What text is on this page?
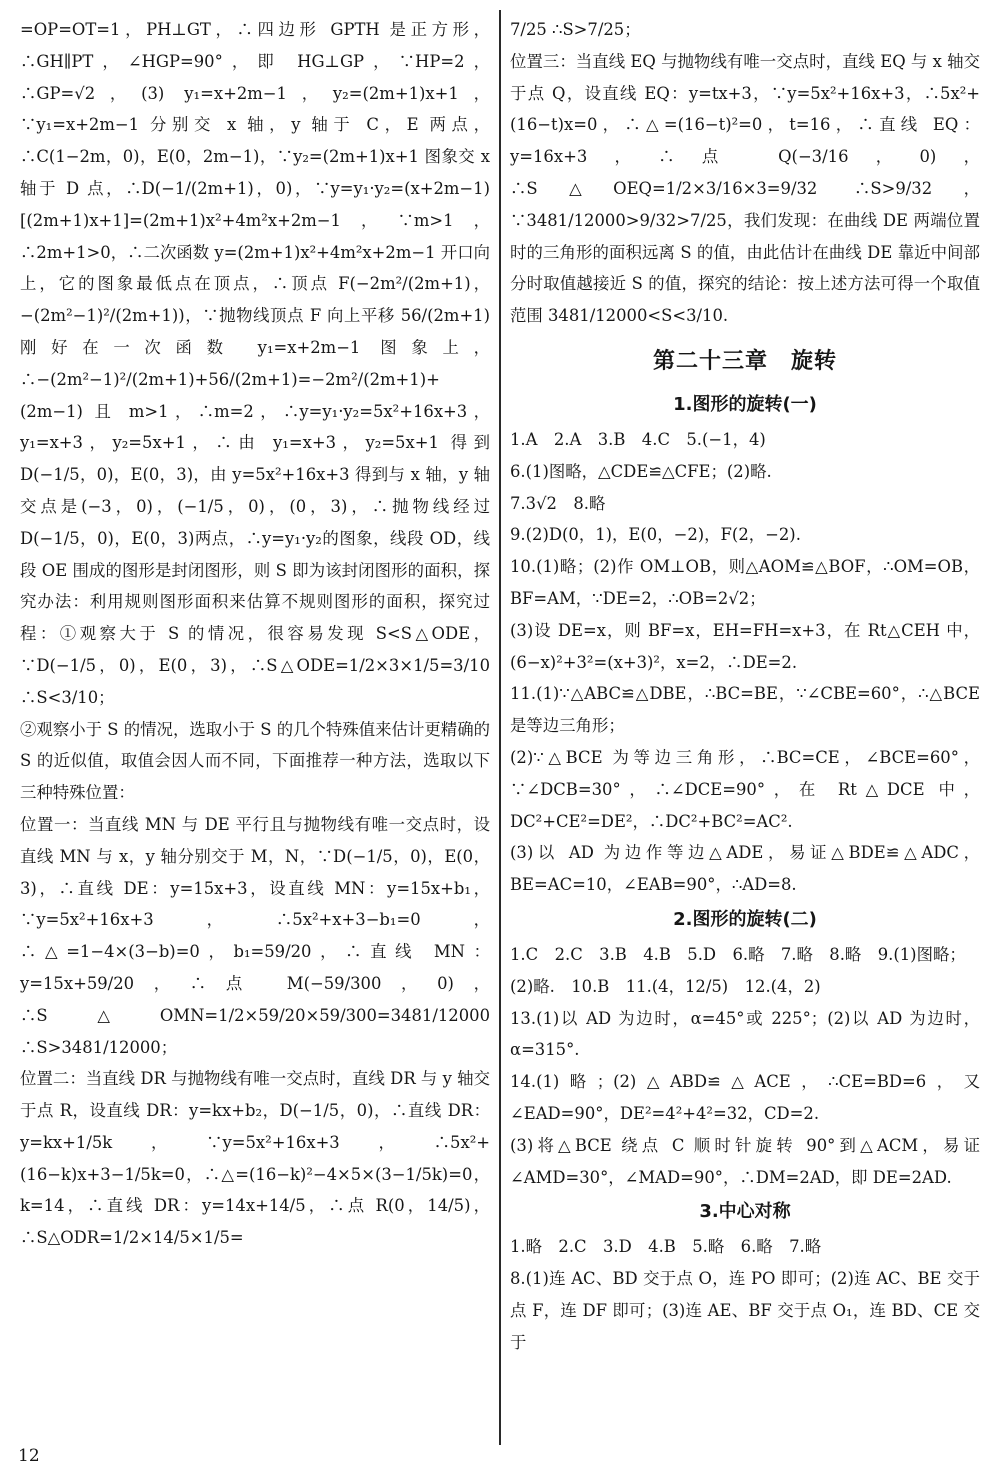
=OP=OT=1，PH⊥GT，∴四边形 GPTH 是正方形，∴GH∥PT，∠HGP=90°，即 HG⊥GP，∵HP=2，∴GP=√2，(3) y₁=x+2m−1，y₂=(2m+1)x+1，∵y₁=x+2m−1 分别交 x 轴，y 轴于 C，E 两点，∴C(1−2m，0)，E(0，2m−1)，∵y₂=(2m+1)x+1 图象交 x 轴于 D 点，∴D(−1/(2m+1)，0)，∵y=y₁·y₂=(x+2m−1)[(2m+1)x+1]=(2m+1)x²+4m²x+2m−1，∵m>1，∴2m+1>0，∴二次函数 y=(2m+1)x²+4m²x+2m−1 开口向上，它的图象最低点在顶点，∴顶点 F(−2m²/(2m+1)，−(2m²−1)²/(2m+1))，∵抛物线顶点 F 向上平移 56/(2m+1) 刚好在一次函数 y₁=x+2m−1 图象上，∴−(2m²−1)²/(2m+1)+56/(2m+1)=−2m²/(2m+1)+(2m−1) 且 m>1，∴m=2，∴y=y₁·y₂=5x²+16x+3，y₁=x+3，y₂=5x+1，∴由 y₁=x+3，y₂=5x+1 得到 D(−1/5，0)，E(0，3)，由 y=5x²+16x+3 得到与 x 轴，y 轴交点是(−3，0)，(−1/5，0)，(0，3)，∴抛物线经过 D(−1/5，0)，E(0，3)两点，∴y=y₁·y₂的图象，线段 OD，线段 OE 围成的图形是封闭图形，则 S 即为该封闭图形的面积，探究办法：利用规则图形面积来估算不规则图形的面积，探究过程：①观察大于 S 的情况，很容易发现 S<S△ODE，∵D(−1/5，0)，E(0，3)，∴S△ODE=1/2×3×1/5=3/10 ∴S<3/10；

②观察小于 S 的情况，选取小于 S 的几个特殊值来估计更精确的 S 的近似值，取值会因人而不同，下面推荐一种方法，选取以下三种特殊位置：

位置一：当直线 MN 与 DE 平行且与抛物线有唯一交点时，设直线 MN 与 x，y 轴分别交于 M，N，∵D(−1/5，0)，E(0，3)，∴直线 DE：y=15x+3，设直线 MN：y=15x+b₁，∵y=5x²+16x+3，∴5x²+x+3−b₁=0，∴△=1−4×(3−b)=0，b₁=59/20，∴直线 MN：y=15x+59/20，∴点 M(−59/300，0)，∴S△OMN=1/2×59/20×59/300=3481/12000 ∴S>3481/12000；

位置二：当直线 DR 与抛物线有唯一交点时，直线 DR 与 y 轴交于点 R，设直线 DR：y=kx+b₂，D(−1/5，0)，∴直线 DR：y=kx+1/5k，∵y=5x²+16x+3，∴5x²+(16−k)x+3−1/5k=0，∴△=(16−k)²−4×5×(3−1/5k)=0，k=14，∴直线 DR：y=14x+14/5，∴点 R(0，14/5)，∴S△ODR=1/2×14/5×1/5=

7/25 ∴S>7/25；

位置三：当直线 EQ 与抛物线有唯一交点时，直线 EQ 与 x 轴交于点 Q，设直线 EQ：y=tx+3，∵y=5x²+16x+3，∴5x²+(16−t)x=0，∴△=(16−t)²=0，t=16，∴直线 EQ：y=16x+3，∴点 Q(−3/16，0)，∴S△OEQ=1/2×3/16×3=9/32 ∴S>9/32，∵3481/12000>9/32>7/25，我们发现：在曲线 DE 两端位置时的三角形的面积远离 S 的值，由此估计在曲线 DE 靠近中间部分时取值越接近 S 的值，探究的结论：按上述方法可得一个取值范围 3481/12000<S<3/10.

第二十三章　旋转
1.图形的旋转(一)

1.A　2.A　3.B　4.C　5.(−1，4)

6.(1)图略，△CDE≌△CFE；(2)略.

7.3√2　8.略

9.(2)D(0，1)，E(0，−2)，F(2，−2).

10.(1)略；(2)作 OM⊥OB，则△AOM≌△BOF，∴OM=OB，BF=AM，∵DE=2，∴OB=2√2；

(3)设 DE=x，则 BF=x，EH=FH=x+3，在 Rt△CEH 中，(6−x)²+3²=(x+3)²，x=2，∴DE=2.

11.(1)∵△ABC≌△DBE，∴BC=BE，∵∠CBE=60°，∴△BCE 是等边三角形；

(2)∵△BCE 为等边三角形，∴BC=CE，∠BCE=60°，∵∠DCB=30°，∴∠DCE=90°，在 Rt△DCE 中，DC²+CE²=DE²，∴DC²+BC²=AC².

(3)以 AD 为边作等边△ADE，易证△BDE≌△ADC，BE=AC=10，∠EAB=90°，∴AD=8.

2.图形的旋转(二)

1.C　2.C　3.B　4.B　5.D　6.略　7.略　8.略　9.(1)图略；

(2)略.　10.B　11.(4，12/5)　12.(4，2)

13.(1)以 AD 为边时，α=45°或 225°；(2)以 AD 为边时，α=315°.

14.(1)略；(2)△ABD≌△ACE，∴CE=BD=6，又∠EAD=90°，DE²=4²+4²=32，CD=2.

(3)将△BCE 绕点 C 顺时针旋转 90°到△ACM，易证∠AMD=30°，∠MAD=90°，∴DM=2AD，即 DE=2AD.

3.中心对称

1.略　2.C　3.D　4.B　5.略　6.略　7.略

8.(1)连 AC、BD 交于点 O，连 PO 即可；(2)连 AC、BE 交于点 F，连 DF 即可；(3)连 AE、BF 交于点 O₁，连 BD、CE 交于

12
